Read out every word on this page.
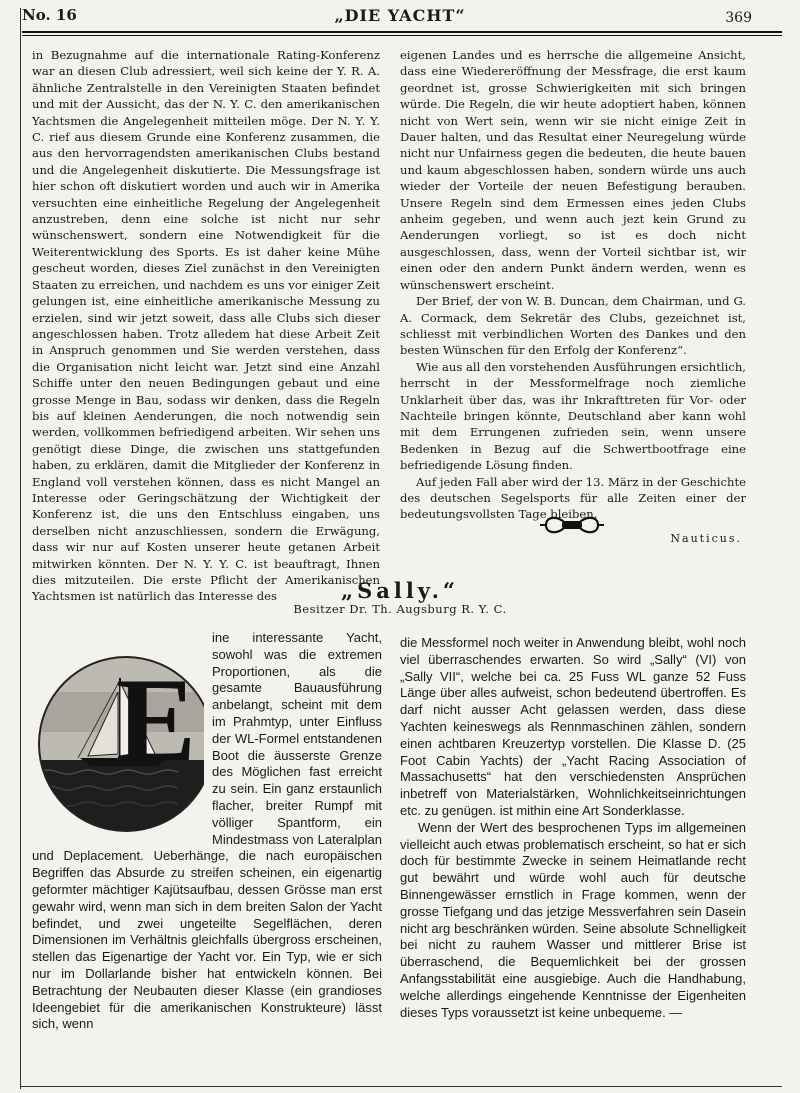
No. 16	„DIE YACHT“	369

in Bezugnahme auf die internationale Rating-Konferenz war an diesen Club adressiert, weil sich keine der Y. R. A. ähnliche Zentralstelle in den Vereinigten Staaten befindet und mit der Aussicht, das der N. Y. C. den amerikanischen Yachtsmen die Angelegenheit mitteilen möge. Der N. Y. Y. C. rief aus diesem Grunde eine Konferenz zusammen, die aus den hervorragendsten amerikanischen Clubs bestand und die Angelegenheit diskutierte. Die Messungsfrage ist hier schon oft diskutiert worden und auch wir in Amerika versuchten eine einheitliche Regelung der Angelegenheit anzustreben, denn eine solche ist nicht nur sehr wünschenswert, sondern eine Notwendigkeit für die Weiterentwicklung des Sports. Es ist daher keine Mühe gescheut worden, dieses Ziel zunächst in den Vereinigten Staaten zu erreichen, und nachdem es uns vor einiger Zeit gelungen ist, eine einheitliche amerikanische Messung zu erzielen, sind wir jetzt soweit, dass alle Clubs sich dieser angeschlossen haben. Trotz alledem hat diese Arbeit Zeit in Anspruch genommen und Sie werden verstehen, dass die Organisation nicht leicht war. Jetzt sind eine Anzahl Schiffe unter den neuen Bedingungen gebaut und eine grosse Menge in Bau, sodass wir denken, dass die Regeln bis auf kleinen Aenderungen, die noch notwendig sein werden, vollkommen befriedigend arbeiten. Wir sehen uns genötigt diese Dinge, die zwischen uns stattgefunden haben, zu erklären, damit die Mitglieder der Konferenz in England voll verstehen können, dass es nicht Mangel an Interesse oder Geringschätzung der Wichtigkeit der Konferenz ist, die uns den Entschluss eingaben, uns derselben nicht anzuschliessen, sondern die Erwägung, dass wir nur auf Kosten unserer heute getanen Arbeit mitwirken könnten. Der N. Y. Y. C. ist beauftragt, Ihnen dies mitzuteilen. Die erste Pflicht der Amerikanischen Yachtsmen ist natürlich das Interesse des

eigenen Landes und es herrsche die allgemeine Ansicht, dass eine Wiedereröffnung der Messfrage, die erst kaum geordnet ist, grosse Schwierigkeiten mit sich bringen würde. Die Regeln, die wir heute adoptiert haben, können nicht von Wert sein, wenn wir sie nicht einige Zeit in Dauer halten, und das Resultat einer Neuregelung würde nicht nur Unfairness gegen die bedeuten, die heute bauen und kaum abgeschlossen haben, sondern würde uns auch wieder der Vorteile der neuen Befestigung berauben. Unsere Regeln sind dem Ermessen eines jeden Clubs anheim gegeben, und wenn auch jezt kein Grund zu Aenderungen vorliegt, so ist es doch nicht ausgeschlossen, dass, wenn der Vorteil sichtbar ist, wir einen oder den andern Punkt ändern werden, wenn es wünschenswert erscheint.

Der Brief, der von W. B. Duncan, dem Chairman, und G. A. Cormack, dem Sekretär des Clubs, gezeichnet ist, schliesst mit verbindlichen Worten des Dankes und den besten Wünschen für den Erfolg der Konferenz“.

Wie aus all den vorstehenden Ausführungen ersichtlich, herrscht in der Messformelfrage noch ziemliche Unklarheit über das, was ihr Inkrafttreten für Vor- oder Nachteile bringen könnte, Deutschland aber kann wohl mit dem Errungenen zufrieden sein, wenn unsere Bedenken in Bezug auf die Schwertbootfrage eine befriedigende Lösung finden.

Auf jeden Fall aber wird der 13. März in der Geschichte des deutschen Segelsports für alle Zeiten einer der bedeutungsvollsten Tage bleiben.

Nauticus.
„Sally.“
Besitzer Dr. Th. Augsburg R. Y. C.
E

ine interessante Yacht, sowohl was die extremen Proportionen, als die gesamte Bauausführung anbelangt, scheint mit dem im Prahmtyp, unter Einfluss der WL-Formel entstandenen Boot die äusserste Grenze des Möglichen fast erreicht zu sein. Ein ganz erstaunlich flacher, breiter Rumpf mit völliger Spantform, ein Mindestmass von Lateralplan und Deplacement. Ueberhänge, die nach europäischen Begriffen das Absurde zu streifen scheinen, ein eigenartig geformter mächtiger Kajütsaufbau, dessen Grösse man erst gewahr wird, wenn man sich in dem breiten Salon der Yacht befindet, und zwei ungeteilte Segelflächen, deren Dimensionen im Verhältnis gleichfalls übergross erscheinen, stellen das Eigenartige der Yacht vor. Ein Typ, wie er sich nur im Dollarlande bisher hat entwickeln können. Bei Betrachtung der Neubauten dieser Klasse (ein grandioses Ideengebiet für die amerikanischen Konstrukteure) lässt sich, wenn

die Messformel noch weiter in Anwendung bleibt, wohl noch viel überraschendes erwarten. So wird „Sally“ (VI) von „Sally VII“, welche bei ca. 25 Fuss WL ganze 52 Fuss Länge über alles aufweist, schon bedeutend übertroffen. Es darf nicht ausser Acht gelassen werden, dass diese Yachten keineswegs als Rennmaschinen zählen, sondern einen achtbaren Kreuzertyp vorstellen. Die Klasse D. (25 Foot Cabin Yachts) der „Yacht Racing Association of Massachusetts“ hat den verschiedensten Ansprüchen inbetreff von Materialstärken, Wohnlichkeitseinrichtungen etc. zu genügen. ist mithin eine Art Sonderklasse.

Wenn der Wert des besprochenen Typs im allgemeinen vielleicht auch etwas problematisch erscheint, so hat er sich doch für bestimmte Zwecke in seinem Heimatlande recht gut bewährt und würde wohl auch für deutsche Binnengewässer ernstlich in Frage kommen, wenn der grosse Tiefgang und das jetzige Messverfahren sein Dasein nicht arg beschränken würden. Seine absolute Schnelligkeit bei nicht zu rauhem Wasser und mittlerer Brise ist überraschend, die Bequemlichkeit bei der grossen Anfangsstabilität eine ausgiebige. Auch die Handhabung, welche allerdings eingehende Kenntnisse der Eigenheiten dieses Typs voraussetzt ist keine unbequeme. —
